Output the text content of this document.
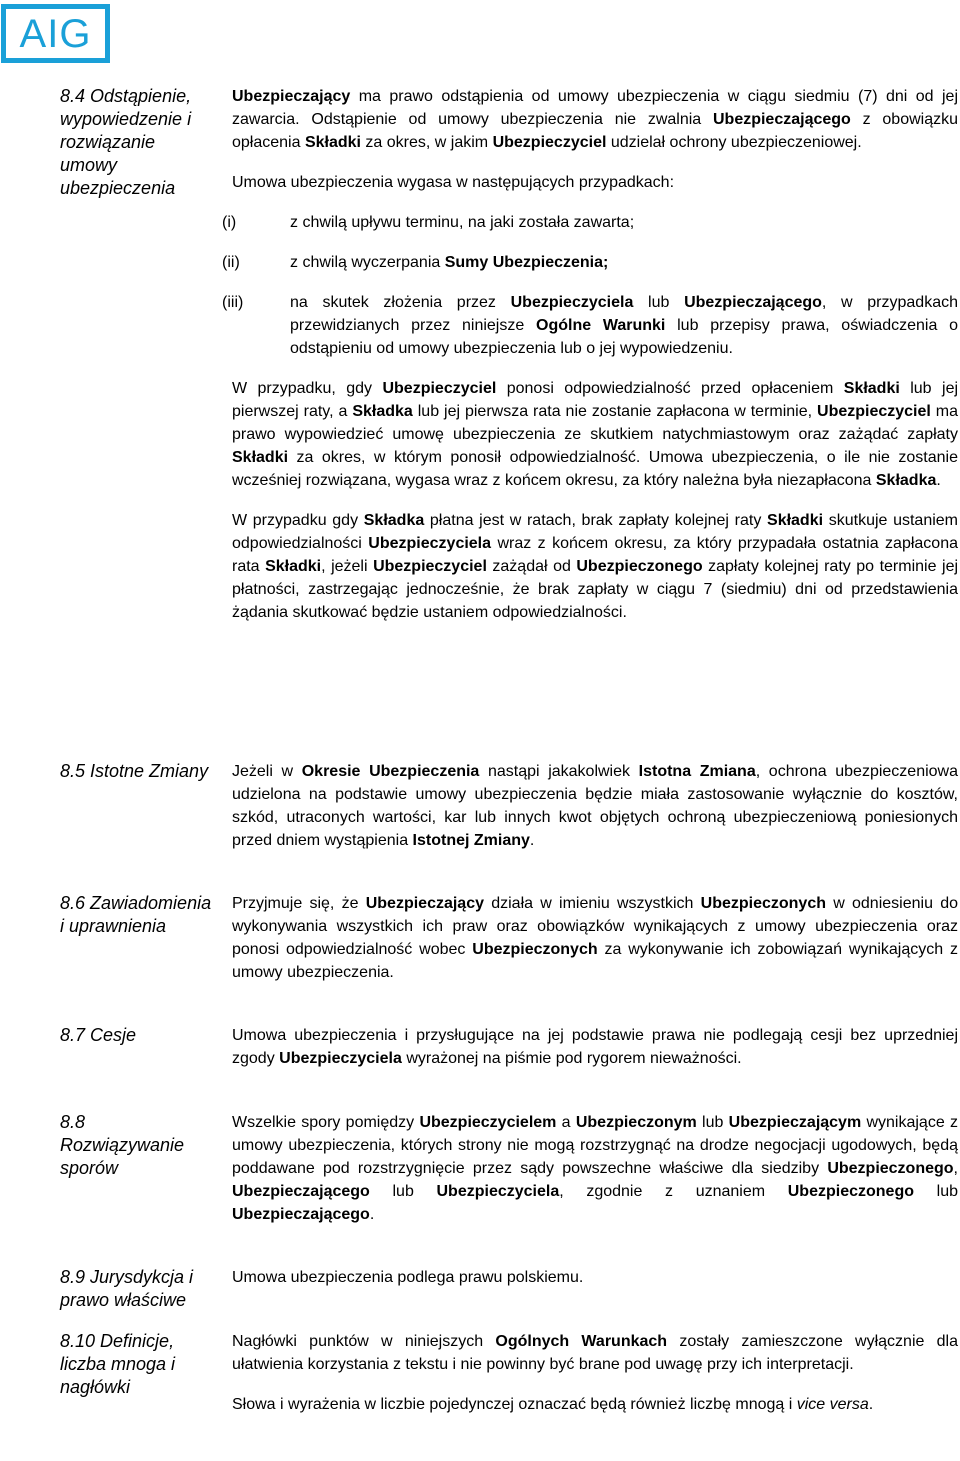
AIG
8.4 Odstąpienie, wypowiedzenie i rozwiązanie umowy ubezpieczenia

Ubezpieczający ma prawo odstąpienia od umowy ubezpieczenia w ciągu siedmiu (7) dni od jej zawarcia. Odstąpienie od umowy ubezpieczenia nie zwalnia Ubezpieczającego z obowiązku opłacenia Składki za okres, w jakim Ubezpieczyciel udzielał ochrony ubezpieczeniowej.

Umowa ubezpieczenia wygasa w następujących przypadkach:

(i)	z chwilą upływu terminu, na jaki została zawarta;
(ii)	z chwilą wyczerpania Sumy Ubezpieczenia;
(iii)	na skutek złożenia przez Ubezpieczyciela lub Ubezpieczającego, w przypadkach przewidzianych przez niniejsze Ogólne Warunki lub przepisy prawa, oświadczenia o odstąpieniu od umowy ubezpieczenia lub o jej wypowiedzeniu.

W przypadku, gdy Ubezpieczyciel ponosi odpowiedzialność przed opłaceniem Składki lub jej pierwszej raty, a Składka lub jej pierwsza rata nie zostanie zapłacona w terminie, Ubezpieczyciel ma prawo wypowiedzieć umowę ubezpieczenia ze skutkiem natychmiastowym oraz zażądać zapłaty Składki za okres, w którym ponosił odpowiedzialność. Umowa ubezpieczenia, o ile nie zostanie wcześniej rozwiązana, wygasa wraz z końcem okresu, za który należna była niezapłacona Składka.

W przypadku gdy Składka płatna jest w ratach, brak zapłaty kolejnej raty Składki skutkuje ustaniem odpowiedzialności Ubezpieczyciela wraz z końcem okresu, za który przypadała ostatnia zapłacona rata Składki, jeżeli Ubezpieczyciel zażądał od Ubezpieczonego zapłaty kolejnej raty po terminie jej płatności, zastrzegając jednocześnie, że brak zapłaty w ciągu 7 (siedmiu) dni od przedstawienia żądania skutkować będzie ustaniem odpowiedzialności.

8.5 Istotne Zmiany Jeżeli w Okresie Ubezpieczenia nastąpi jakakolwiek Istotna Zmiana, ochrona ubezpieczeniowa udzielona na podstawie umowy ubezpieczenia będzie miała zastosowanie wyłącznie do kosztów, szkód, utraconych wartości, kar lub innych kwot objętych ochroną ubezpieczeniową poniesionych przed dniem wystąpienia Istotnej Zmiany.

8.6 Zawiadomienia i uprawnienia

Przyjmuje się, że Ubezpieczający działa w imieniu wszystkich Ubezpieczonych w odniesieniu do wykonywania wszystkich ich praw oraz obowiązków wynikających z umowy ubezpieczenia oraz ponosi odpowiedzialność wobec Ubezpieczonych za wykonywanie ich zobowiązań wynikających z umowy ubezpieczenia.

8.7 Cesje	Umowa ubezpieczenia i przysługujące na jej podstawie prawa nie podlegają cesji bez uprzedniej zgody Ubezpieczyciela wyrażonej na piśmie pod rygorem nieważności.

8.8 Rozwiązywanie sporów

Wszelkie spory pomiędzy Ubezpieczycielem a Ubezpieczonym lub Ubezpieczającym wynikające z umowy ubezpieczenia, których strony nie mogą rozstrzygnąć na drodze negocjacji ugodowych, będą poddawane pod rozstrzygnięcie przez sądy powszechne właściwe dla siedziby Ubezpieczonego, Ubezpieczającego lub Ubezpieczyciela, zgodnie z uznaniem Ubezpieczonego lub Ubezpieczającego.

8.9 Jurysdykcja i prawo właściwe

Umowa ubezpieczenia podlega prawu polskiemu.

8.10 Definicje, liczba mnoga i nagłówki

Nagłówki punktów w niniejszych Ogólnych Warunkach zostały zamieszczone wyłącznie dla ułatwienia korzystania z tekstu i nie powinny być brane pod uwagę przy ich interpretacji.

Słowa i wyrażenia w liczbie pojedynczej oznaczać będą również liczbę mnogą i vice versa.
